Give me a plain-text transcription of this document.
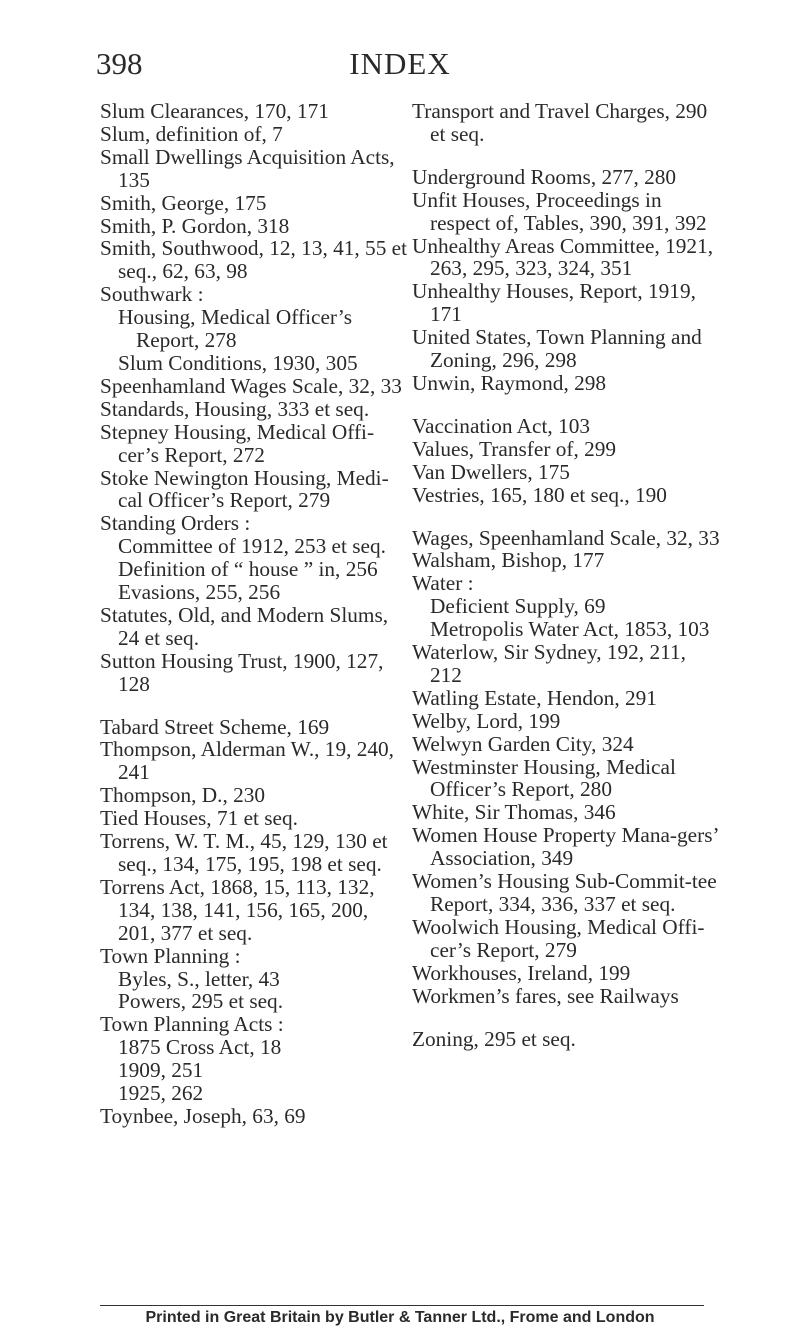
398	INDEX

Slum Clearances, 170, 171

Slum, definition of, 7

Small Dwellings Acquisition Acts, 135

Smith, George, 175

Smith, P. Gordon, 318

Smith, Southwood, 12, 13, 41, 55 et seq., 62, 63, 98

Southwark :

Housing, Medical Officer’s Report, 278

Slum Conditions, 1930, 305

Speenhamland Wages Scale, 32, 33

Standards, Housing, 333 et seq.

Stepney Housing, Medical Offi-cer’s Report, 272

Stoke Newington Housing, Medi-cal Officer’s Report, 279

Standing Orders :

Committee of 1912, 253 et seq.

Definition of “ house ” in, 256

Evasions, 255, 256

Statutes, Old, and Modern Slums, 24 et seq.

Sutton Housing Trust, 1900, 127, 128

Tabard Street Scheme, 169

Thompson, Alderman W., 19, 240, 241

Thompson, D., 230

Tied Houses, 71 et seq.

Torrens, W. T. M., 45, 129, 130 et seq., 134, 175, 195, 198 et seq.

Torrens Act, 1868, 15, 113, 132, 134, 138, 141, 156, 165, 200, 201, 377 et seq.

Town Planning :

Byles, S., letter, 43

Powers, 295 et seq.

Town Planning Acts :

1875 Cross Act, 18

1909, 251

1925, 262

Toynbee, Joseph, 63, 69

Transport and Travel Charges, 290 et seq.

Underground Rooms, 277, 280

Unfit Houses, Proceedings in respect of, Tables, 390, 391, 392

Unhealthy Areas Committee, 1921, 263, 295, 323, 324, 351

Unhealthy Houses, Report, 1919, 171

United States, Town Planning and Zoning, 296, 298

Unwin, Raymond, 298

Vaccination Act, 103

Values, Transfer of, 299

Van Dwellers, 175

Vestries, 165, 180 et seq., 190

Wages, Speenhamland Scale, 32, 33

Walsham, Bishop, 177

Water :

Deficient Supply, 69

Metropolis Water Act, 1853, 103

Waterlow, Sir Sydney, 192, 211, 212

Watling Estate, Hendon, 291

Welby, Lord, 199

Welwyn Garden City, 324

Westminster Housing, Medical Officer’s Report, 280

White, Sir Thomas, 346

Women House Property Mana-gers’ Association, 349

Women’s Housing Sub-Commit-tee Report, 334, 336, 337 et seq.

Woolwich Housing, Medical Offi-cer’s Report, 279

Workhouses, Ireland, 199

Workmen’s fares, see Railways

Zoning, 295 et seq.

Printed in Great Britain by Butler & Tanner Ltd., Frome and London
